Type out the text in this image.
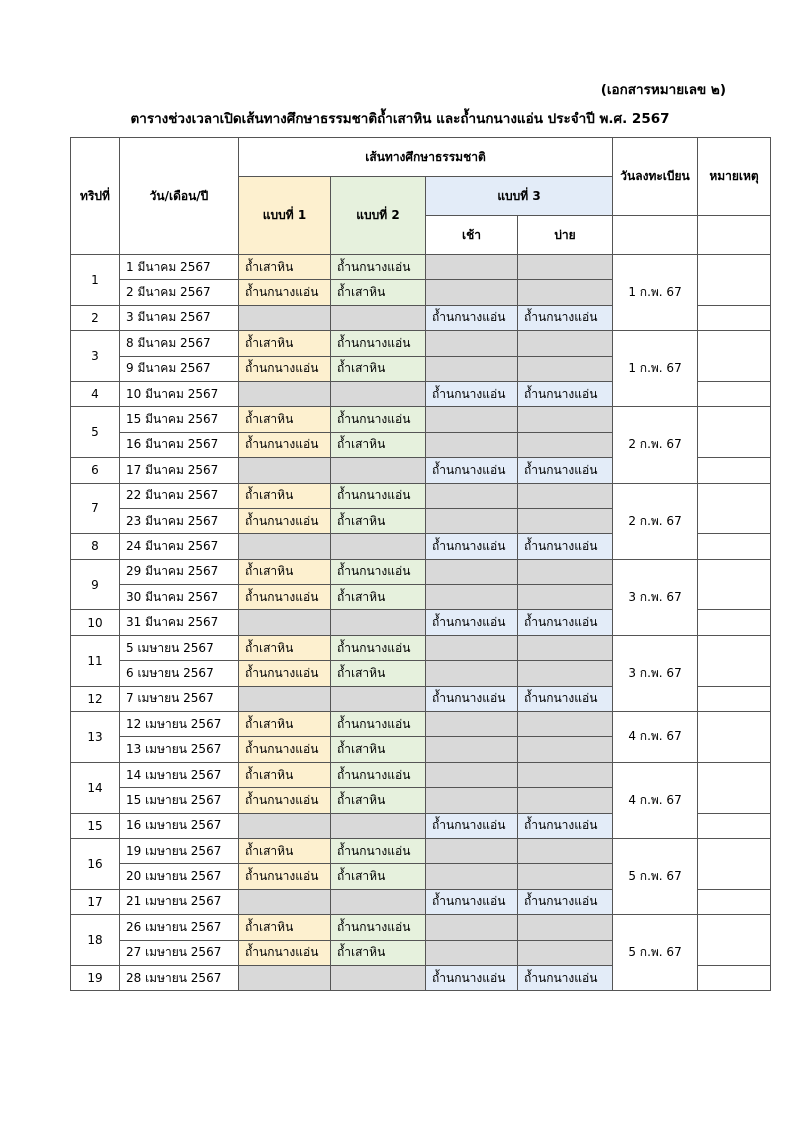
(เอกสารหมายเลข ๒)
ตารางช่วงเวลาเปิดเส้นทางศึกษาธรรมชาติถ้ำเสาหิน และถ้ำนกนางแอ่น ประจำปี พ.ศ. 2567
ทริปที่	วัน/เดือน/ปี	เส้นทางศึกษาธรรมชาติ				วันลงทะเบียน	หมายเหตุ
		แบบที่ 1	แบบที่ 2	แบบที่ 3			
				เช้า	บ่าย		
1	1 มีนาคม 2567	ถ้ำเสาหิน	ถ้ำนกนางแอ่น			1 ก.พ. 67	
	2 มีนาคม 2567	ถ้ำนกนางแอ่น	ถ้ำเสาหิน				
2	3 มีนาคม 2567			ถ้ำนกนางแอ่น	ถ้ำนกนางแอ่น		
3	8 มีนาคม 2567	ถ้ำเสาหิน	ถ้ำนกนางแอ่น			1 ก.พ. 67	
	9 มีนาคม 2567	ถ้ำนกนางแอ่น	ถ้ำเสาหิน				
4	10 มีนาคม 2567			ถ้ำนกนางแอ่น	ถ้ำนกนางแอ่น		
5	15 มีนาคม 2567	ถ้ำเสาหิน	ถ้ำนกนางแอ่น			2 ก.พ. 67	
	16 มีนาคม 2567	ถ้ำนกนางแอ่น	ถ้ำเสาหิน				
6	17 มีนาคม 2567			ถ้ำนกนางแอ่น	ถ้ำนกนางแอ่น		
7	22 มีนาคม 2567	ถ้ำเสาหิน	ถ้ำนกนางแอ่น			2 ก.พ. 67	
	23 มีนาคม 2567	ถ้ำนกนางแอ่น	ถ้ำเสาหิน				
8	24 มีนาคม 2567			ถ้ำนกนางแอ่น	ถ้ำนกนางแอ่น		
9	29 มีนาคม 2567	ถ้ำเสาหิน	ถ้ำนกนางแอ่น			3 ก.พ. 67	
	30 มีนาคม 2567	ถ้ำนกนางแอ่น	ถ้ำเสาหิน				
10	31 มีนาคม 2567			ถ้ำนกนางแอ่น	ถ้ำนกนางแอ่น		
11	5 เมษายน 2567	ถ้ำเสาหิน	ถ้ำนกนางแอ่น			3 ก.พ. 67	
	6 เมษายน 2567	ถ้ำนกนางแอ่น	ถ้ำเสาหิน				
12	7 เมษายน 2567			ถ้ำนกนางแอ่น	ถ้ำนกนางแอ่น		
13	12 เมษายน 2567	ถ้ำเสาหิน	ถ้ำนกนางแอ่น			4 ก.พ. 67	
	13 เมษายน 2567	ถ้ำนกนางแอ่น	ถ้ำเสาหิน				
14	14 เมษายน 2567	ถ้ำเสาหิน	ถ้ำนกนางแอ่น			4 ก.พ. 67	
	15 เมษายน 2567	ถ้ำนกนางแอ่น	ถ้ำเสาหิน				
15	16 เมษายน 2567			ถ้ำนกนางแอ่น	ถ้ำนกนางแอ่น		
16	19 เมษายน 2567	ถ้ำเสาหิน	ถ้ำนกนางแอ่น			5 ก.พ. 67	
	20 เมษายน 2567	ถ้ำนกนางแอ่น	ถ้ำเสาหิน				
17	21 เมษายน 2567			ถ้ำนกนางแอ่น	ถ้ำนกนางแอ่น		
18	26 เมษายน 2567	ถ้ำเสาหิน	ถ้ำนกนางแอ่น			5 ก.พ. 67	
	27 เมษายน 2567	ถ้ำนกนางแอ่น	ถ้ำเสาหิน				
19	28 เมษายน 2567			ถ้ำนกนางแอ่น	ถ้ำนกนางแอ่น		
